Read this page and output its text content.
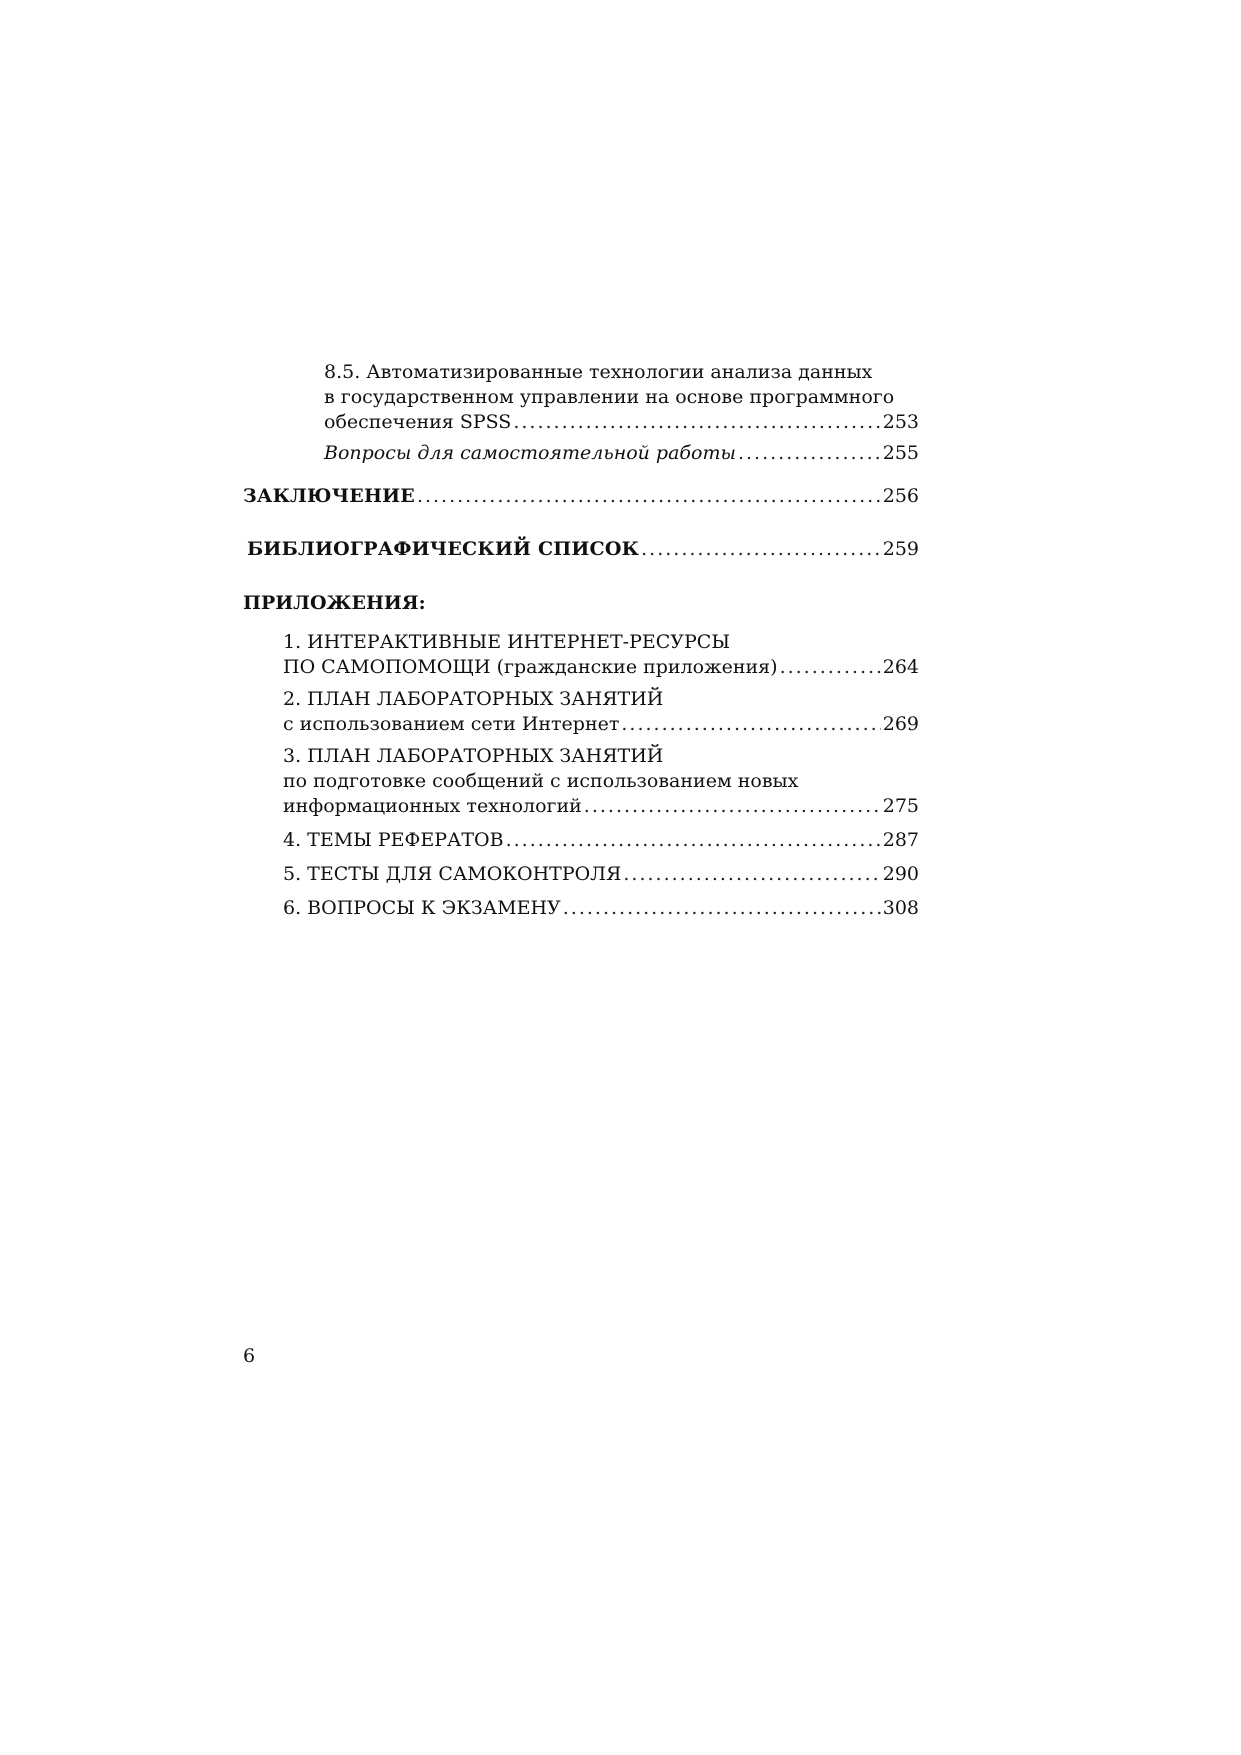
8.5. Автоматизированные технологии анализа данных
в государственном управлении на основе программного
обеспечения SPSS .....	253
Вопросы для самостоятельной работы .....	255
ЗАКЛЮЧЕНИЕ .....	256
БИБЛИОГРАФИЧЕСКИЙ СПИСОК .....	259
ПРИЛОЖЕНИЯ:
1. ИНТЕРАКТИВНЫЕ ИНТЕРНЕТ-РЕСУРСЫ
ПО САМОПОМОЩИ (гражданские приложения) .....	264
2. ПЛАН ЛАБОРАТОРНЫХ ЗАНЯТИЙ
с использованием сети Интернет .....	269
3. ПЛАН ЛАБОРАТОРНЫХ ЗАНЯТИЙ
по подготовке сообщений с использованием новых
информационных технологий .....	275
4. ТЕМЫ РЕФЕРАТОВ .....	287
5. ТЕСТЫ ДЛЯ САМОКОНТРОЛЯ .....	290
6. ВОПРОСЫ К ЭКЗАМЕНУ .....	308
6
